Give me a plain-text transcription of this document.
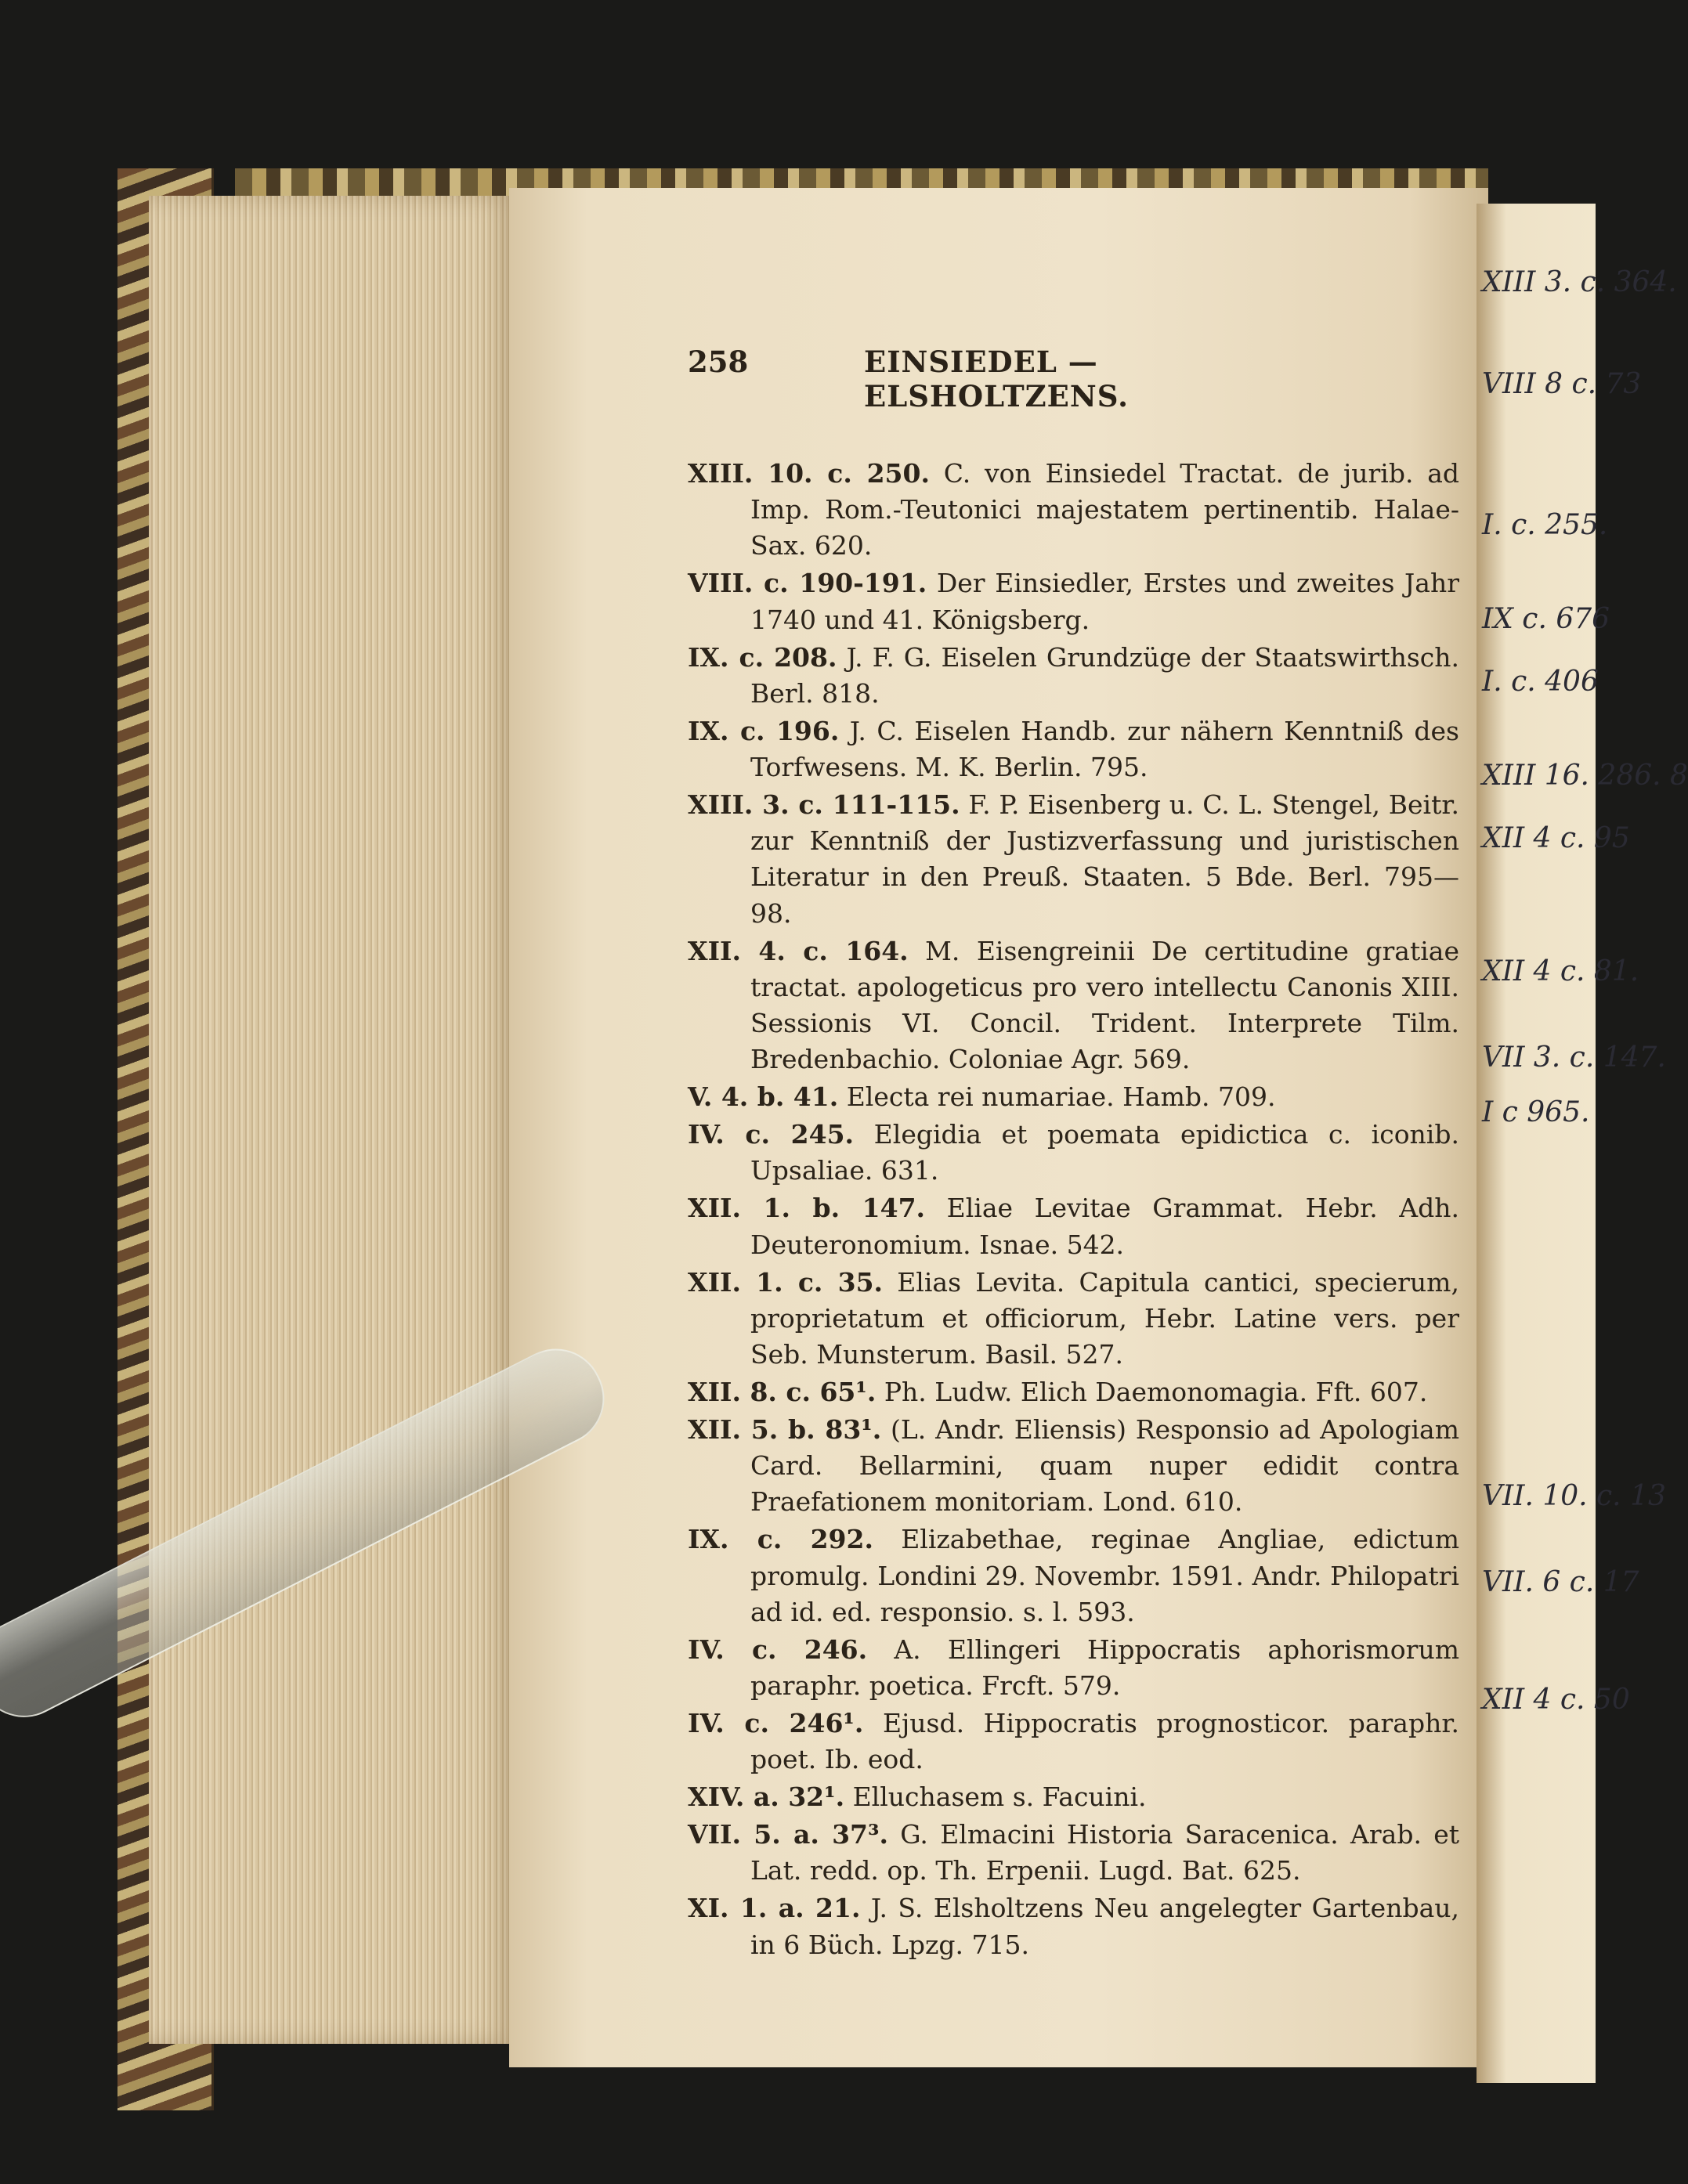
258	EINSIEDEL — ELSHOLTZENS.

XIII. 10. c. 250. C. von Einsiedel Tractat. de jurib. ad Imp. Rom.-Teutonici majestatem pertinentib. Halae-Sax. 620.

VIII. c. 190-191. Der Einsiedler, Erstes und zweites Jahr 1740 und 41. Königsberg.

IX. c. 208. J. F. G. Eiselen Grundzüge der Staatswirthsch. Berl. 818.

IX. c. 196. J. C. Eiselen Handb. zur nähern Kenntniß des Torfwesens. M. K. Berlin. 795.

XIII. 3. c. 111-115. F. P. Eisenberg u. C. L. Stengel, Beitr. zur Kenntniß der Justizverfassung und juristischen Literatur in den Preuß. Staaten. 5 Bde. Berl. 795—98.

XII. 4. c. 164. M. Eisengreinii De certitudine gratiae tractat. apologeticus pro vero intellectu Canonis XIII. Sessionis VI. Concil. Trident. Interprete Tilm. Bredenbachio. Coloniae Agr. 569.

V. 4. b. 41. Electa rei numariae. Hamb. 709.

IV. c. 245. Elegidia et poemata epidictica c. iconib. Upsaliae. 631.

XII. 1. b. 147. Eliae Levitae Grammat. Hebr. Adh. Deuteronomium. Isnae. 542.

XII. 1. c. 35. Elias Levita. Capitula cantici, specierum, proprietatum et officiorum, Hebr. Latine vers. per Seb. Munsterum. Basil. 527.

XII. 8. c. 65¹. Ph. Ludw. Elich Daemonomagia. Fft. 607.

XII. 5. b. 83¹. (L. Andr. Eliensis) Responsio ad Apologiam Card. Bellarmini, quam nuper edidit contra Praefationem monitoriam. Lond. 610.

IX. c. 292. Elizabethae, reginae Angliae, edictum promulg. Londini 29. Novembr. 1591. Andr. Philopatri ad id. ed. responsio. s. l. 593.

IV. c. 246. A. Ellingeri Hippocratis aphorismorum paraphr. poetica. Frcft. 579.

IV. c. 246¹. Ejusd. Hippocratis prognosticor. paraphr. poet. Ib. eod.

XIV. a. 32¹. Elluchasem s. Facuini.

VII. 5. a. 37³. G. Elmacini Historia Saracenica. Arab. et Lat. redd. op. Th. Erpenii. Lugd. Bat. 625.

XI. 1. a. 21. J. S. Elsholtzens Neu angelegter Gartenbau, in 6 Büch. Lpzg. 715.

XIII 3. c. 364.
VIII 8 c. 73
I. c. 255.
IX c. 676
I. c. 406
XIII 16. 286. 8
XII 4 c. 95
XII 4 c. 81.
VII 3. c. 147.
I c 965.
VII. 10. c. 13
VII. 6 c. 17
XII 4 c. 50
